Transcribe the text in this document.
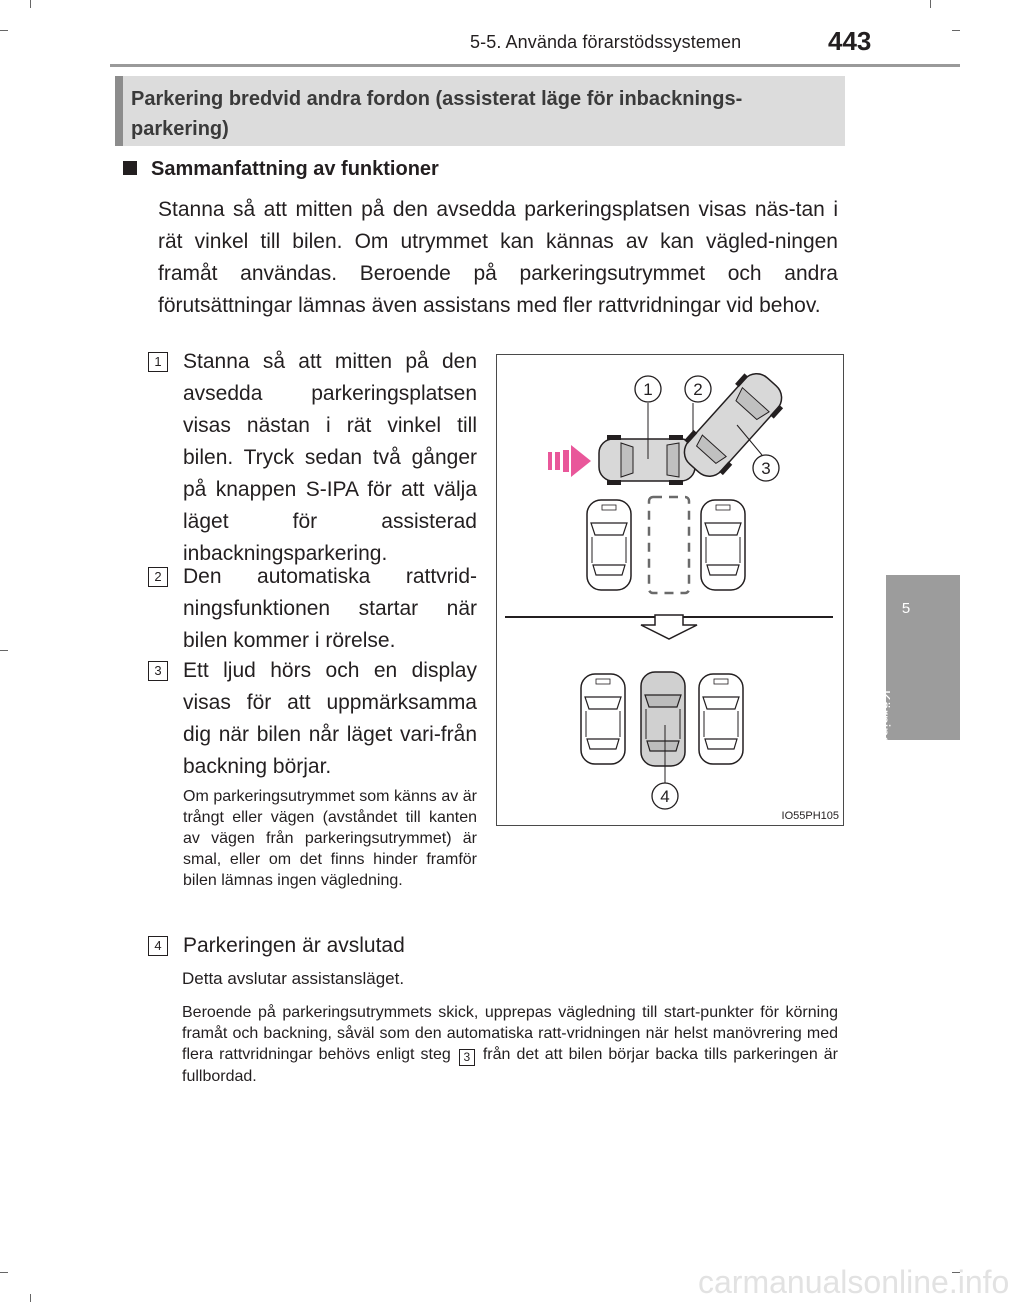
5-5. Använda förarstödssystemen	443
5
Körning
Parkering bredvid andra fordon (assisterat läge för inbacknings-parkering)
Sammanfattning av funktioner
Stanna så att mitten på den avsedda parkeringsplatsen visas näs-tan i rät vinkel till bilen. Om utrymmet kan kännas av kan vägled-ningen framåt användas. Beroende på parkeringsutrymmet och andra förutsättningar lämnas även assistans med fler rattvridningar vid behov.
1	Stanna så att mitten på den avsedda parkeringsplatsen visas nästan i rät vinkel till bilen. Tryck sedan två gånger på knappen S-IPA för att välja läget för assisterad inbackningsparkering.
2	Den automatiska rattvrid-ningsfunktionen startar när bilen kommer i rörelse.
3	Ett ljud hörs och en display visas för att uppmärksamma dig när bilen når läget vari-från backning börjar.
Om parkeringsutrymmet som känns av är trångt eller vägen (avståndet till kanten av vägen från parkeringsutrymmet) är smal, eller om det finns hinder framför bilen lämnas ingen vägledning.
4	Parkeringen är avslutad
Detta avslutar assistansläget.
Beroende på parkeringsutrymmets skick, upprepas vägledning till start-punkter för körning framåt och backning, såväl som den automatiska ratt-vridningen när helst manövrering med flera rattvridningar behövs enligt steg 3 från det att bilen börjar backa tills parkeringen är fullbordad.
1 2
3
4
IO55PH105
carmanualsonline.info
